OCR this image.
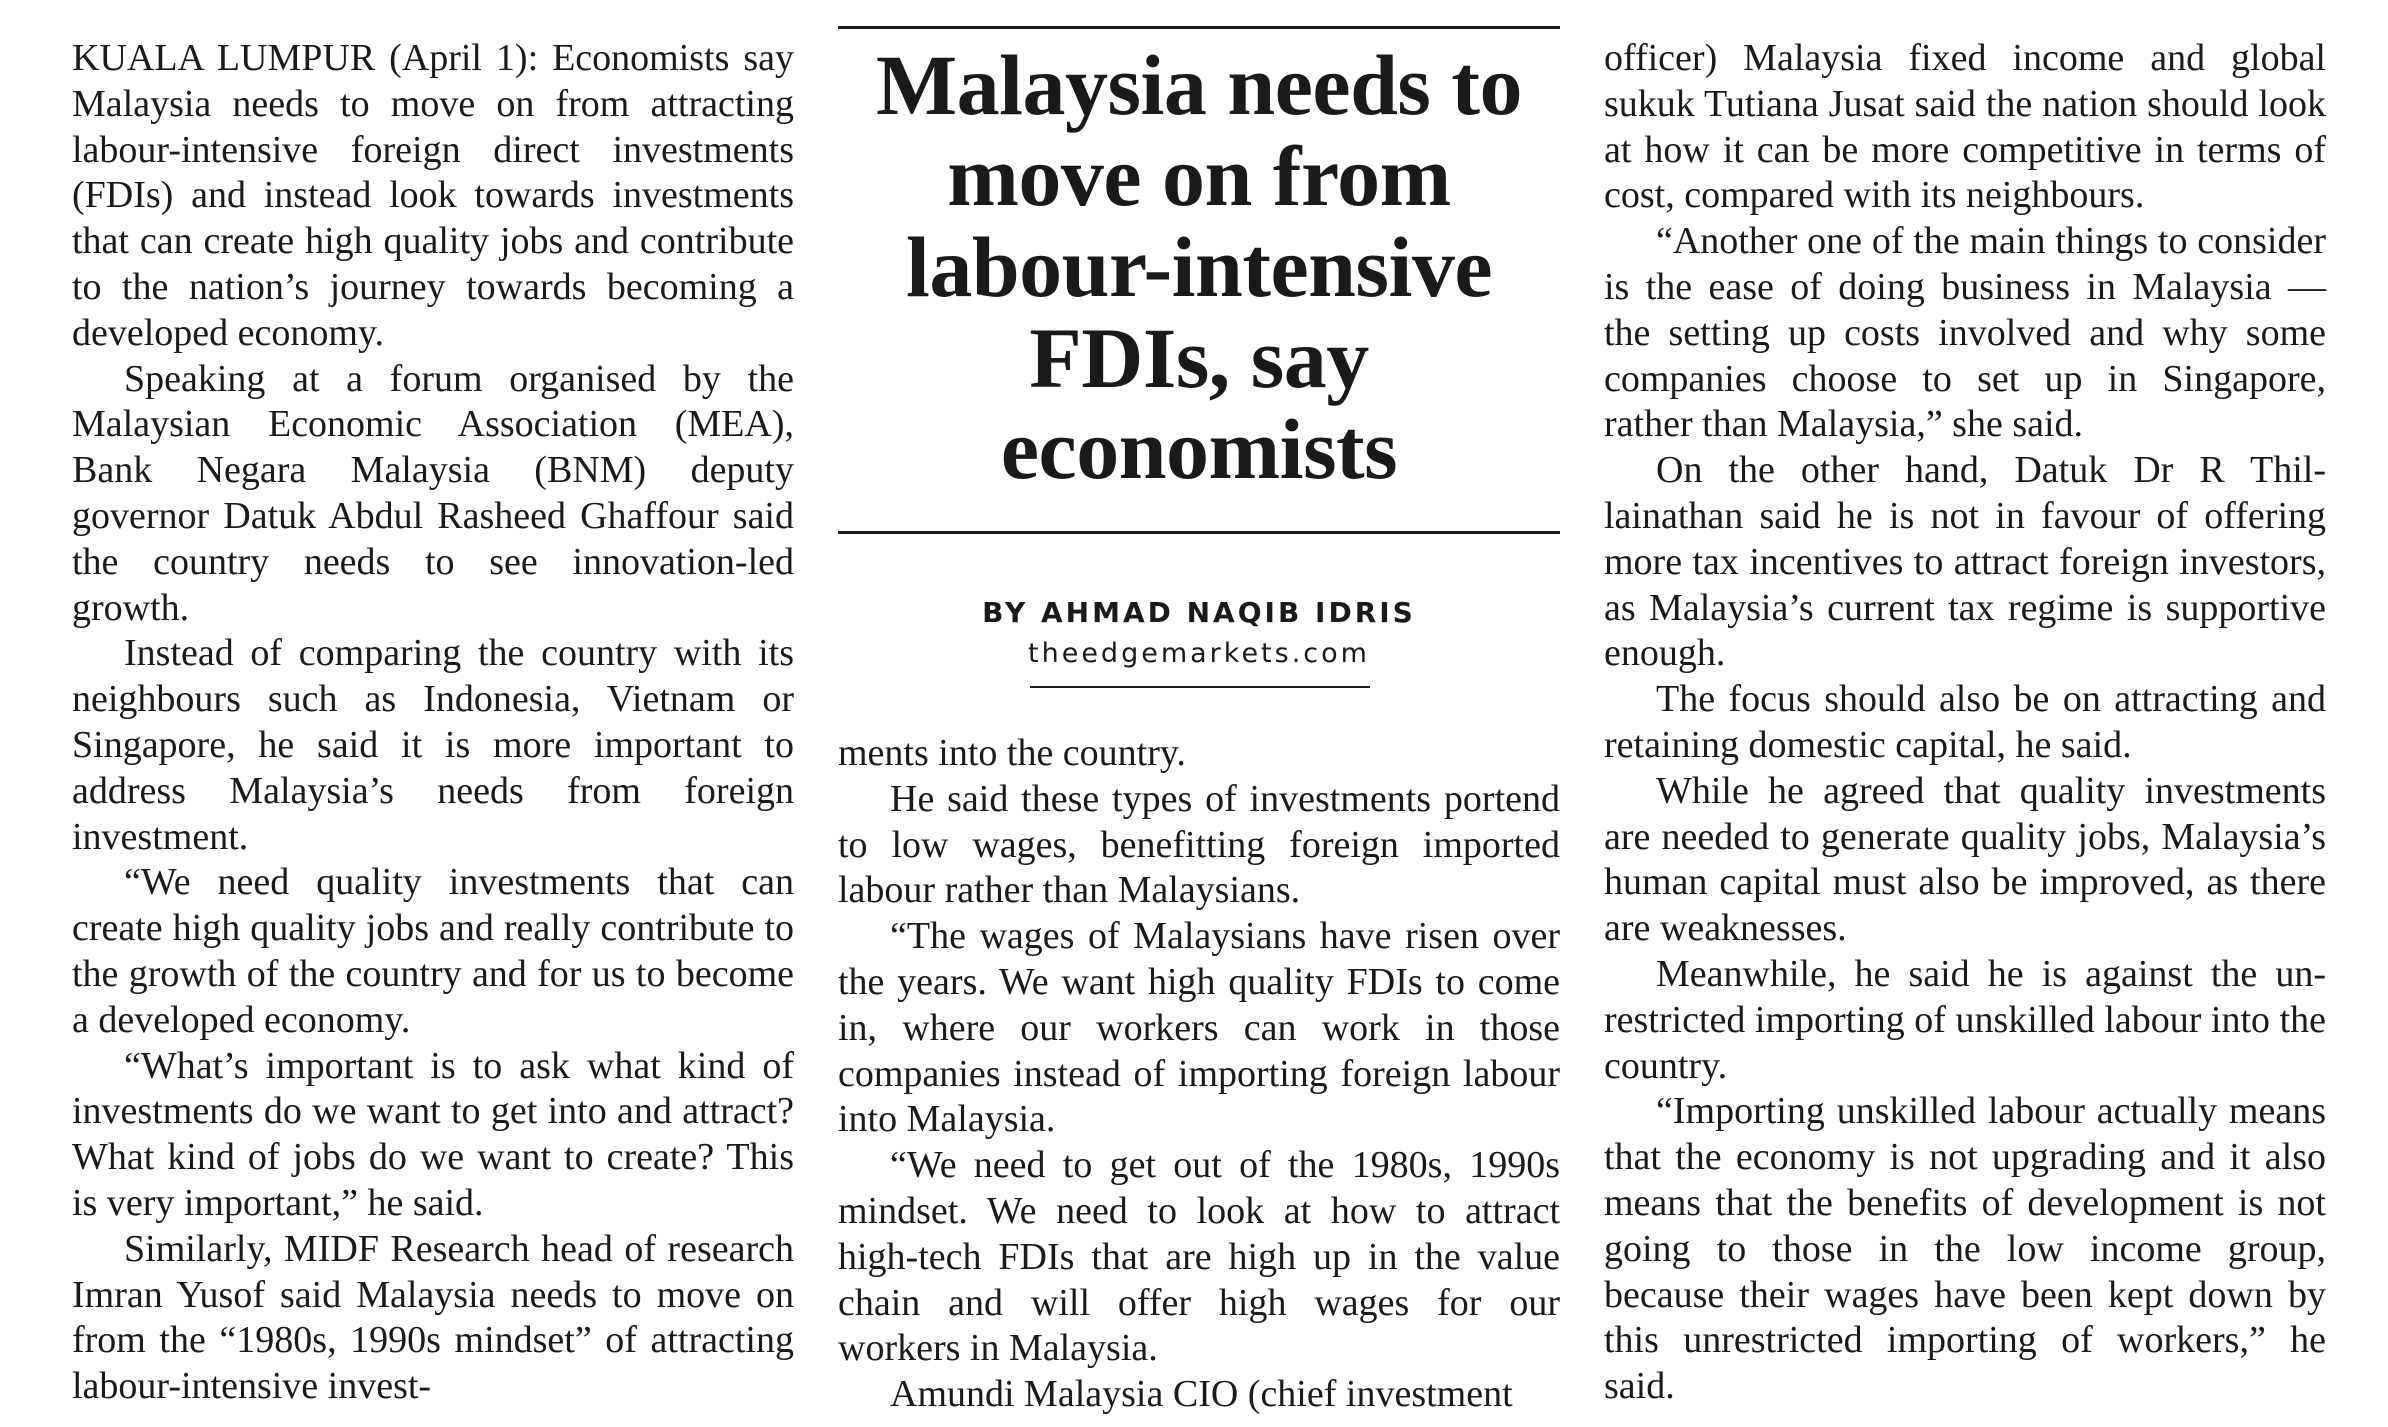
Malaysia needs to move on from labour-intensive FDIs, say economists
BY AHMAD NAQIB IDRIS
theedgemarkets.com

KUALA LUMPUR (April 1): Economists say Malaysia needs to move on from attracting labour-intensive foreign direct investments (FDIs) and instead look towards investments that can create high quality jobs and contribute to the nation’s journey towards becoming a developed economy.

Speaking at a forum organised by the Malaysian Economic Association (MEA), Bank Negara Malaysia (BNM) deputy governor Datuk Abdul Rasheed Ghaffour said the country needs to see innovation-led growth.

Instead of comparing the country with its neighbours such as Indonesia, Vietnam or Singapore, he said it is more important to address Malaysia’s needs from foreign investment.

“We need quality investments that can create high quality jobs and really contribute to the growth of the country and for us to become a developed economy.

“What’s important is to ask what kind of investments do we want to get into and attract? What kind of jobs do we want to create? This is very important,” he said.

Similarly, MIDF Research head of research Imran Yusof said Malaysia needs to move on from the “1980s, 1990s mindset” of attracting labour-intensive invest-

ments into the country.

He said these types of investments portend to low wages, benefitting foreign imported labour rather than Malaysians.

“The wages of Malaysians have risen over the years. We want high quality FDIs to come in, where our workers can work in those companies instead of importing foreign labour into Malaysia.

“We need to get out of the 1980s, 1990s mindset. We need to look at how to attract high-tech FDIs that are high up in the value chain and will offer high wages for our workers in Malaysia.

Amundi Malaysia CIO (chief investment

officer) Malaysia fixed income and global sukuk Tutiana Jusat said the nation should look at how it can be more competitive in terms of cost, compared with its neighbours.

“Another one of the main things to consider is the ease of doing business in Malaysia — the setting up costs involved and why some companies choose to set up in Singapore, rather than Malaysia,” she said.

On the other hand, Datuk Dr R Thillainathan said he is not in favour of offering more tax incentives to attract foreign investors, as Malaysia’s current tax regime is supportive enough.

The focus should also be on attracting and retaining domestic capital, he said.

While he agreed that quality investments are needed to generate quality jobs, Malaysia’s human capital must also be improved, as there are weaknesses.

Meanwhile, he said he is against the unrestricted importing of unskilled labour into the country.

“Importing unskilled labour actually means that the economy is not upgrading and it also means that the benefits of development is not going to those in the low income group, because their wages have been kept down by this unrestricted importing of workers,” he said.
